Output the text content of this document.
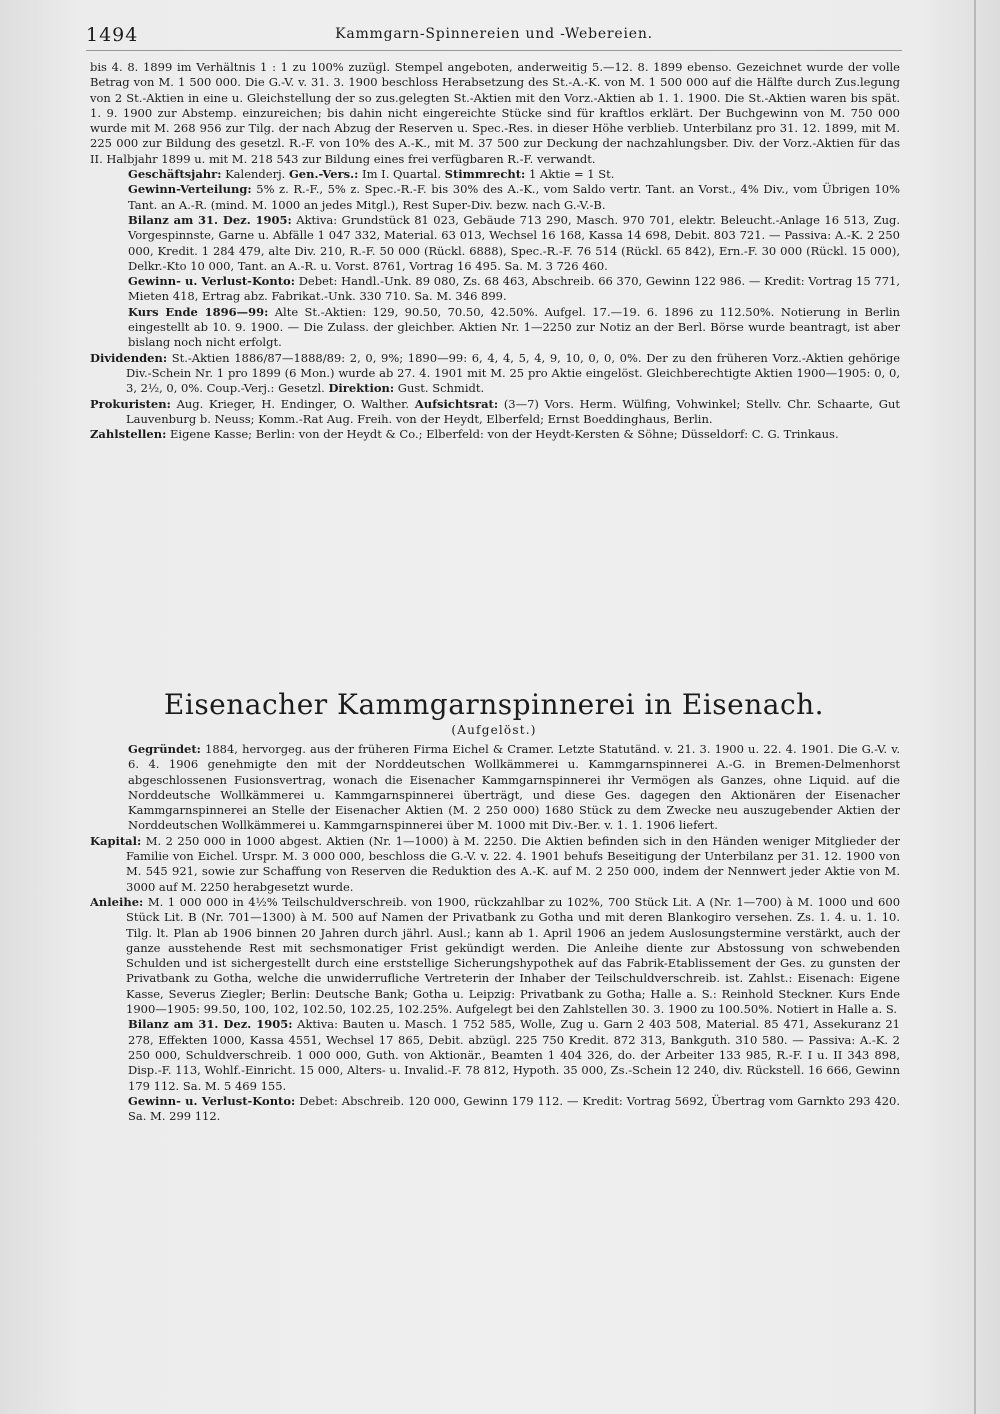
1494	Kammgarn-Spinnereien und -Webereien.

bis 4. 8. 1899 im Verhältnis 1 : 1 zu 100% zuzügl. Stempel angeboten, anderweitig 5.—12. 8. 1899 ebenso. Gezeichnet wurde der volle Betrag von M. 1 500 000. Die G.-V. v. 31. 3. 1900 beschloss Herabsetzung des St.-A.-K. von M. 1 500 000 auf die Hälfte durch Zus.legung von 2 St.-Aktien in eine u. Gleichstellung der so zus.gelegten St.-Aktien mit den Vorz.-Aktien ab 1. 1. 1900. Die St.-Aktien waren bis spät. 1. 9. 1900 zur Abstemp. einzureichen; bis dahin nicht eingereichte Stücke sind für kraftlos erklärt. Der Buchgewinn von M. 750 000 wurde mit M. 268 956 zur Tilg. der nach Abzug der Reserven u. Spec.-Res. in dieser Höhe verblieb. Unterbilanz pro 31. 12. 1899, mit M. 225 000 zur Bildung des gesetzl. R.-F. von 10% des A.-K., mit M. 37 500 zur Deckung der nachzahlungsber. Div. der Vorz.-Aktien für das II. Halbjahr 1899 u. mit M. 218 543 zur Bildung eines frei verfügbaren R.-F. verwandt.

Geschäftsjahr: Kalenderj. Gen.-Vers.: Im I. Quartal. Stimmrecht: 1 Aktie = 1 St.

Gewinn-Verteilung: 5% z. R.-F., 5% z. Spec.-R.-F. bis 30% des A.-K., vom Saldo vertr. Tant. an Vorst., 4% Div., vom Übrigen 10% Tant. an A.-R. (mind. M. 1000 an jedes Mitgl.), Rest Super-Div. bezw. nach G.-V.-B.

Bilanz am 31. Dez. 1905: Aktiva: Grundstück 81 023, Gebäude 713 290, Masch. 970 701, elektr. Beleucht.-Anlage 16 513, Zug. Vorgespinnste, Garne u. Abfälle 1 047 332, Material. 63 013, Wechsel 16 168, Kassa 14 698, Debit. 803 721. — Passiva: A.-K. 2 250 000, Kredit. 1 284 479, alte Div. 210, R.-F. 50 000 (Rückl. 6888), Spec.-R.-F. 76 514 (Rückl. 65 842), Ern.-F. 30 000 (Rückl. 15 000), Delkr.-Kto 10 000, Tant. an A.-R. u. Vorst. 8761, Vortrag 16 495. Sa. M. 3 726 460.

Gewinn- u. Verlust-Konto: Debet: Handl.-Unk. 89 080, Zs. 68 463, Abschreib. 66 370, Gewinn 122 986. — Kredit: Vortrag 15 771, Mieten 418, Ertrag abz. Fabrikat.-Unk. 330 710. Sa. M. 346 899.

Kurs Ende 1896—99: Alte St.-Aktien: 129, 90.50, 70.50, 42.50%. Aufgel. 17.—19. 6. 1896 zu 112.50%. Notierung in Berlin eingestellt ab 10. 9. 1900. — Die Zulass. der gleichber. Aktien Nr. 1—2250 zur Notiz an der Berl. Börse wurde beantragt, ist aber bislang noch nicht erfolgt.

Dividenden: St.-Aktien 1886/87—1888/89: 2, 0, 9%; 1890—99: 6, 4, 4, 5, 4, 9, 10, 0, 0, 0%. Der zu den früheren Vorz.-Aktien gehörige Div.-Schein Nr. 1 pro 1899 (6 Mon.) wurde ab 27. 4. 1901 mit M. 25 pro Aktie eingelöst. Gleichberechtigte Aktien 1900—1905: 0, 0, 3, 2½, 0, 0%. Coup.-Verj.: Gesetzl. Direktion: Gust. Schmidt.

Prokuristen: Aug. Krieger, H. Endinger, O. Walther. Aufsichtsrat: (3—7) Vors. Herm. Wülfing, Vohwinkel; Stellv. Chr. Schaarte, Gut Lauvenburg b. Neuss; Komm.-Rat Aug. Freih. von der Heydt, Elberfeld; Ernst Boeddinghaus, Berlin.

Zahlstellen: Eigene Kasse; Berlin: von der Heydt & Co.; Elberfeld: von der Heydt-Kersten & Söhne; Düsseldorf: C. G. Trinkaus.

Eisenacher Kammgarnspinnerei in Eisenach.
(Aufgelöst.)

Gegründet: 1884, hervorgeg. aus der früheren Firma Eichel & Cramer. Letzte Statutänd. v. 21. 3. 1900 u. 22. 4. 1901. Die G.-V. v. 6. 4. 1906 genehmigte den mit der Norddeutschen Wollkämmerei u. Kammgarnspinnerei A.-G. in Bremen-Delmenhorst abgeschlossenen Fusionsvertrag, wonach die Eisenacher Kammgarnspinnerei ihr Vermögen als Ganzes, ohne Liquid. auf die Norddeutsche Wollkämmerei u. Kammgarnspinnerei überträgt, und diese Ges. dagegen den Aktionären der Eisenacher Kammgarnspinnerei an Stelle der Eisenacher Aktien (M. 2 250 000) 1680 Stück zu dem Zwecke neu auszugebender Aktien der Norddeutschen Wollkämmerei u. Kammgarnspinnerei über M. 1000 mit Div.-Ber. v. 1. 1. 1906 liefert.

Kapital: M. 2 250 000 in 1000 abgest. Aktien (Nr. 1—1000) à M. 2250. Die Aktien befinden sich in den Händen weniger Mitglieder der Familie von Eichel. Urspr. M. 3 000 000, beschloss die G.-V. v. 22. 4. 1901 behufs Beseitigung der Unterbilanz per 31. 12. 1900 von M. 545 921, sowie zur Schaffung von Reserven die Reduktion des A.-K. auf M. 2 250 000, indem der Nennwert jeder Aktie von M. 3000 auf M. 2250 herabgesetzt wurde.

Anleihe: M. 1 000 000 in 4½% Teilschuldverschreib. von 1900, rückzahlbar zu 102%, 700 Stück Lit. A (Nr. 1—700) à M. 1000 und 600 Stück Lit. B (Nr. 701—1300) à M. 500 auf Namen der Privatbank zu Gotha und mit deren Blankogiro versehen. Zs. 1. 4. u. 1. 10. Tilg. lt. Plan ab 1906 binnen 20 Jahren durch jährl. Ausl.; kann ab 1. April 1906 an jedem Auslosungstermine verstärkt, auch der ganze ausstehende Rest mit sechsmonatiger Frist gekündigt werden. Die Anleihe diente zur Abstossung von schwebenden Schulden und ist sichergestellt durch eine erststellige Sicherungshypothek auf das Fabrik-Etablissement der Ges. zu gunsten der Privatbank zu Gotha, welche die unwiderrufliche Vertreterin der Inhaber der Teilschuldverschreib. ist. Zahlst.: Eisenach: Eigene Kasse, Severus Ziegler; Berlin: Deutsche Bank; Gotha u. Leipzig: Privatbank zu Gotha; Halle a. S.: Reinhold Steckner. Kurs Ende 1900—1905: 99.50, 100, 102, 102.50, 102.25, 102.25%. Aufgelegt bei den Zahlstellen 30. 3. 1900 zu 100.50%. Notiert in Halle a. S.

Bilanz am 31. Dez. 1905: Aktiva: Bauten u. Masch. 1 752 585, Wolle, Zug u. Garn 2 403 508, Material. 85 471, Assekuranz 21 278, Effekten 1000, Kassa 4551, Wechsel 17 865, Debit. abzügl. 225 750 Kredit. 872 313, Bankguth. 310 580. — Passiva: A.-K. 2 250 000, Schuldverschreib. 1 000 000, Guth. von Aktionär., Beamten 1 404 326, do. der Arbeiter 133 985, R.-F. I u. II 343 898, Disp.-F. 113, Wohlf.-Einricht. 15 000, Alters- u. Invalid.-F. 78 812, Hypoth. 35 000, Zs.-Schein 12 240, div. Rückstell. 16 666, Gewinn 179 112. Sa. M. 5 469 155.

Gewinn- u. Verlust-Konto: Debet: Abschreib. 120 000, Gewinn 179 112. — Kredit: Vortrag 5692, Übertrag vom Garnkto 293 420. Sa. M. 299 112.
